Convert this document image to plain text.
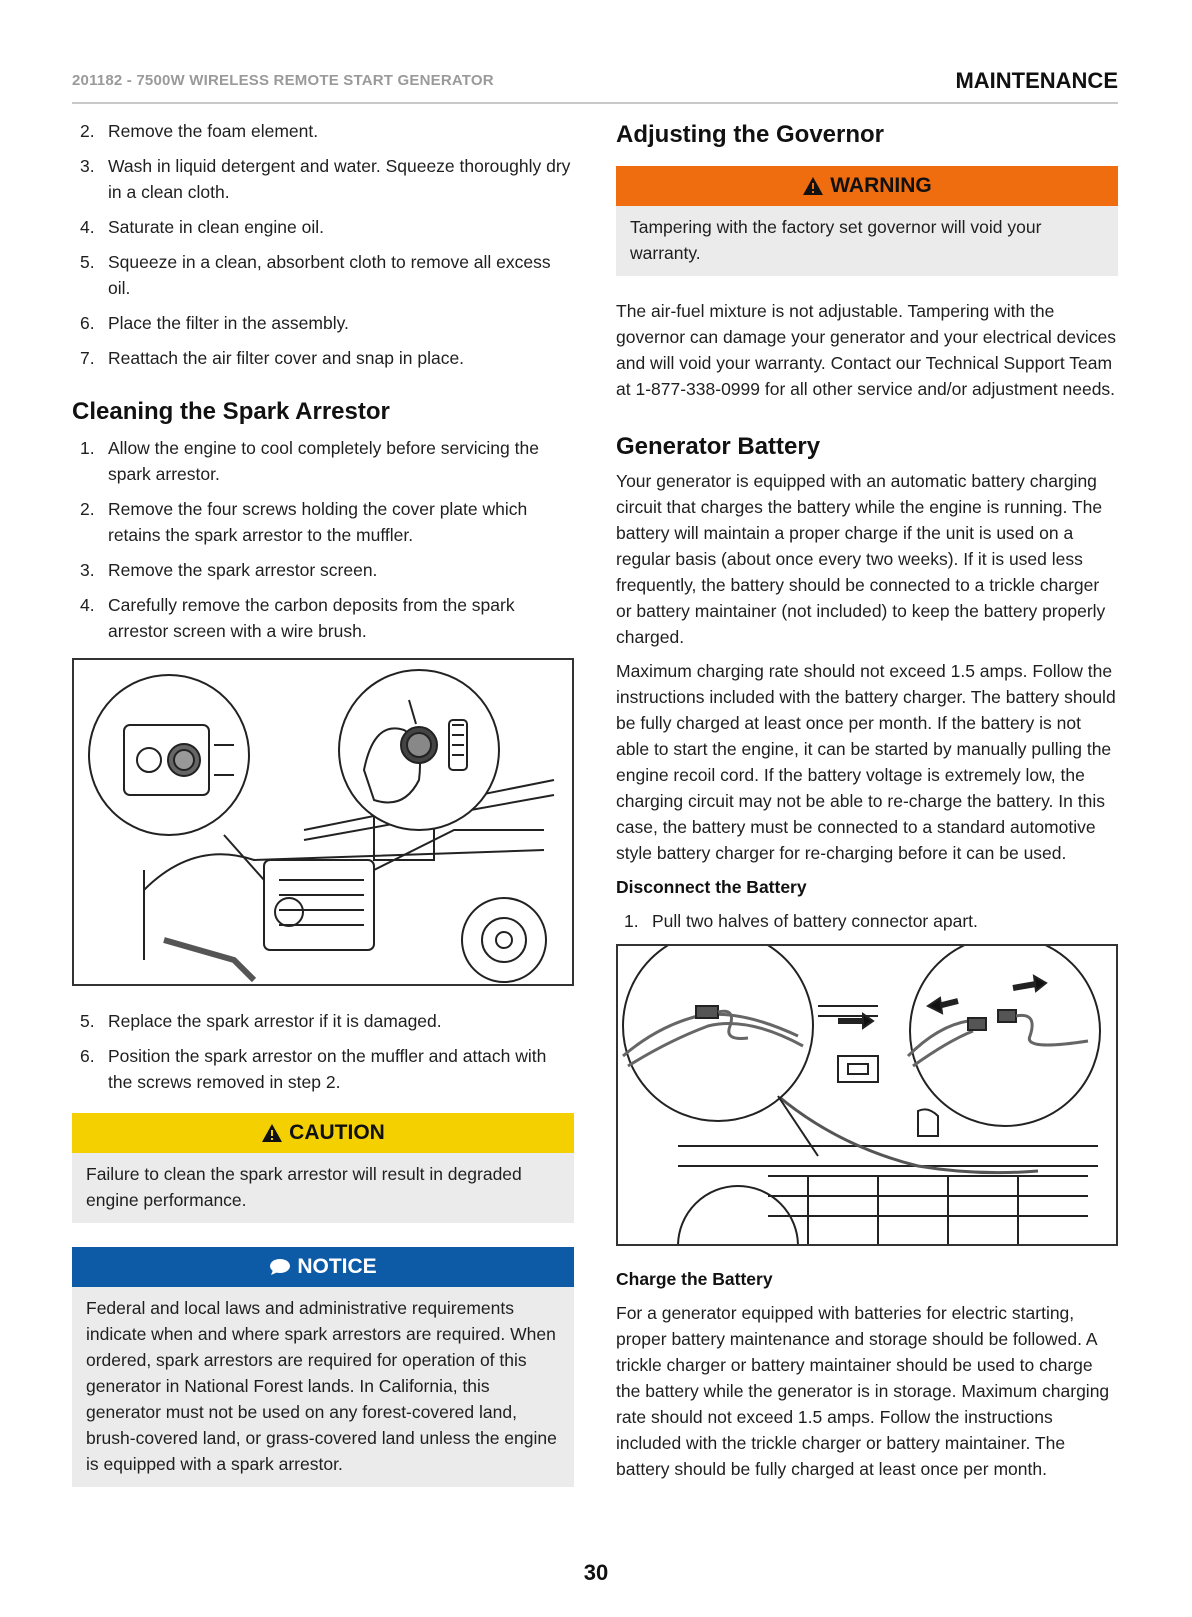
201182 - 7500W WIRELESS REMOTE START GENERATOR	MAINTENANCE
2. Remove the foam element.
3. Wash in liquid detergent and water. Squeeze thoroughly dry in a clean cloth.
4. Saturate in clean engine oil.
5. Squeeze in a clean, absorbent cloth to remove all excess oil.
6. Place the filter in the assembly.
7. Reattach the air filter cover and snap in place.
Cleaning the Spark Arrestor
1. Allow the engine to cool completely before servicing the spark arrestor.
2. Remove the four screws holding the cover plate which retains the spark arrestor to the muffler.
3. Remove the spark arrestor screen.
4. Carefully remove the carbon deposits from the spark arrestor screen with a wire brush.
5. Replace the spark arrestor if it is damaged.
6. Position the spark arrestor on the muffler and attach with the screws removed in step 2.
CAUTION
Failure to clean the spark arrestor will result in degraded engine performance.
NOTICE
Federal and local laws and administrative requirements indicate when and where spark arrestors are required. When ordered, spark arrestors are required for operation of this generator in National Forest lands. In California, this generator must not be used on any forest-covered land, brush-covered land, or grass-covered land unless the engine is equipped with a spark arrestor.
Adjusting the Governor
WARNING
Tampering with the factory set governor will void your warranty.

The air-fuel mixture is not adjustable. Tampering with the governor can damage your generator and your electrical devices and will void your warranty. Contact our Technical Support Team at 1-877-338-0999 for all other service and/or adjustment needs.

Generator Battery

Your generator is equipped with an automatic battery charging circuit that charges the battery while the engine is running. The battery will maintain a proper charge if the unit is used on a regular basis (about once every two weeks). If it is used less frequently, the battery should be connected to a trickle charger or battery maintainer (not included) to keep the battery properly charged.

Maximum charging rate should not exceed 1.5 amps. Follow the instructions included with the battery charger. The battery should be fully charged at least once per month. If the battery is not able to start the engine, it can be started by manually pulling the engine recoil cord. If the battery voltage is extremely low, the charging circuit may not be able to re-charge the battery. In this case, the battery must be connected to a standard automotive style battery charger for re-charging before it can be used.

Disconnect the Battery
1. Pull two halves of battery connector apart.
Charge the Battery

For a generator equipped with batteries for electric starting, proper battery maintenance and storage should be followed. A trickle charger or battery maintainer should be used to charge the battery while the generator is in storage. Maximum charging rate should not exceed 1.5 amps. Follow the instructions included with the trickle charger or battery maintainer. The battery should be fully charged at least once per month.

30
